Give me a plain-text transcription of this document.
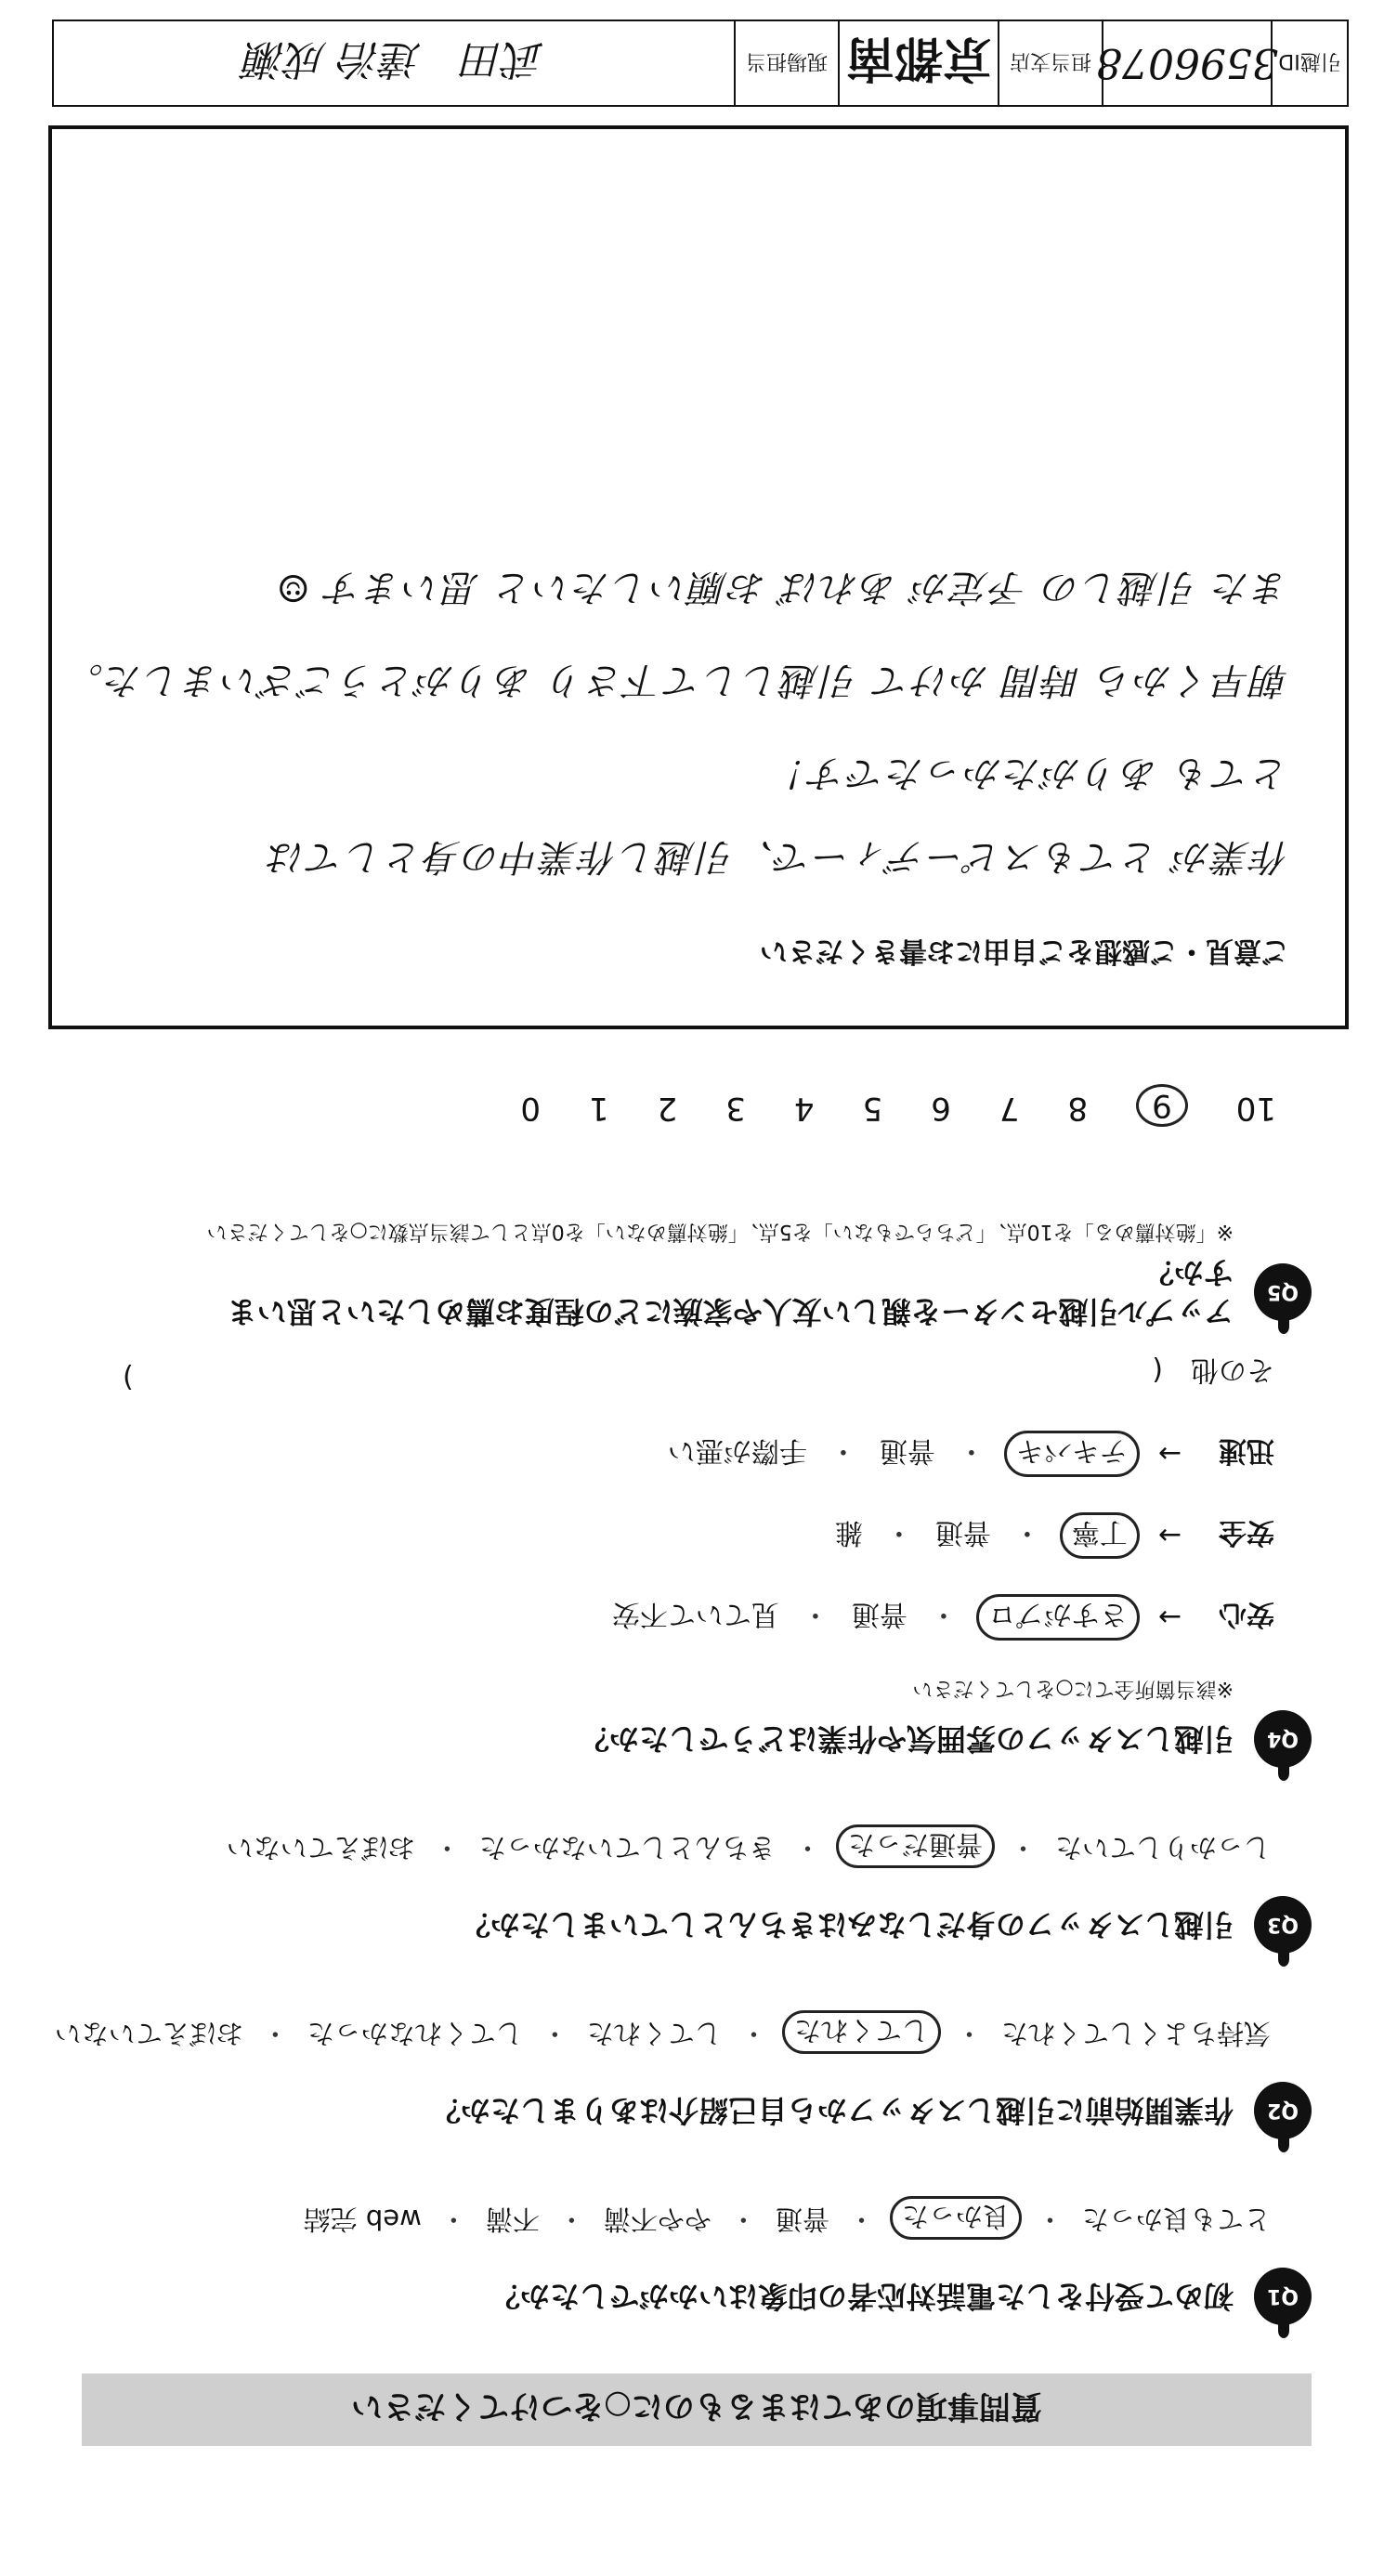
質問事項のあてはまるものに○をつけてください
Q1
初めて受付をした電話対応者の印象はいかがでしたか？
とても良かった
・
良かった
・
普通
・
やや不満
・
不満
・
web 完結
Q2
作業開始前に引越しスタッフから自己紹介はありましたか？
気持ちよくしてくれた
・
してくれた
・
してくれた
・
してくれなかった
・
おぼえていない
Q3
引越しスタッフの身だしなみはきちんとしていましたか？
しっかりしていた
・
普通だった
・
きちんとしていなかった
・
おぼえていない
Q4
引越しスタッフの雰囲気や作業はどうでしたか？
※該当箇所全てに○をしてください
安心
→
さすがプロ
・
普通
・
見ていて不安
安全
→
丁寧
・
普通
・
雑
迅速
→
テキパキ
・
普通
・
手際が悪い
その他　(
)
Q5
アップル引越センターを親しい友人や家族にどの程度お薦めしたいと思いますか？
※「絶対薦める」を10点、「どちらでもない」を5点、「絶対薦めない」を0点として該当点数に○をしてください
10
9
8
7
6
5
4
3
2
1
0
ご意見・ご感想をご自由にお書きください
作業が とてもスピーディーで、引越し作業中の身としては
とても ありがたかったです！
朝早くから 時間 かけて 引越しして下さり ありがとうございました。
また 引越しの 予定が あれば お願いしたいと 思います ☺
引越ID
3596078
担当支店
京都南
現場担当
武田　達治 成瀬
